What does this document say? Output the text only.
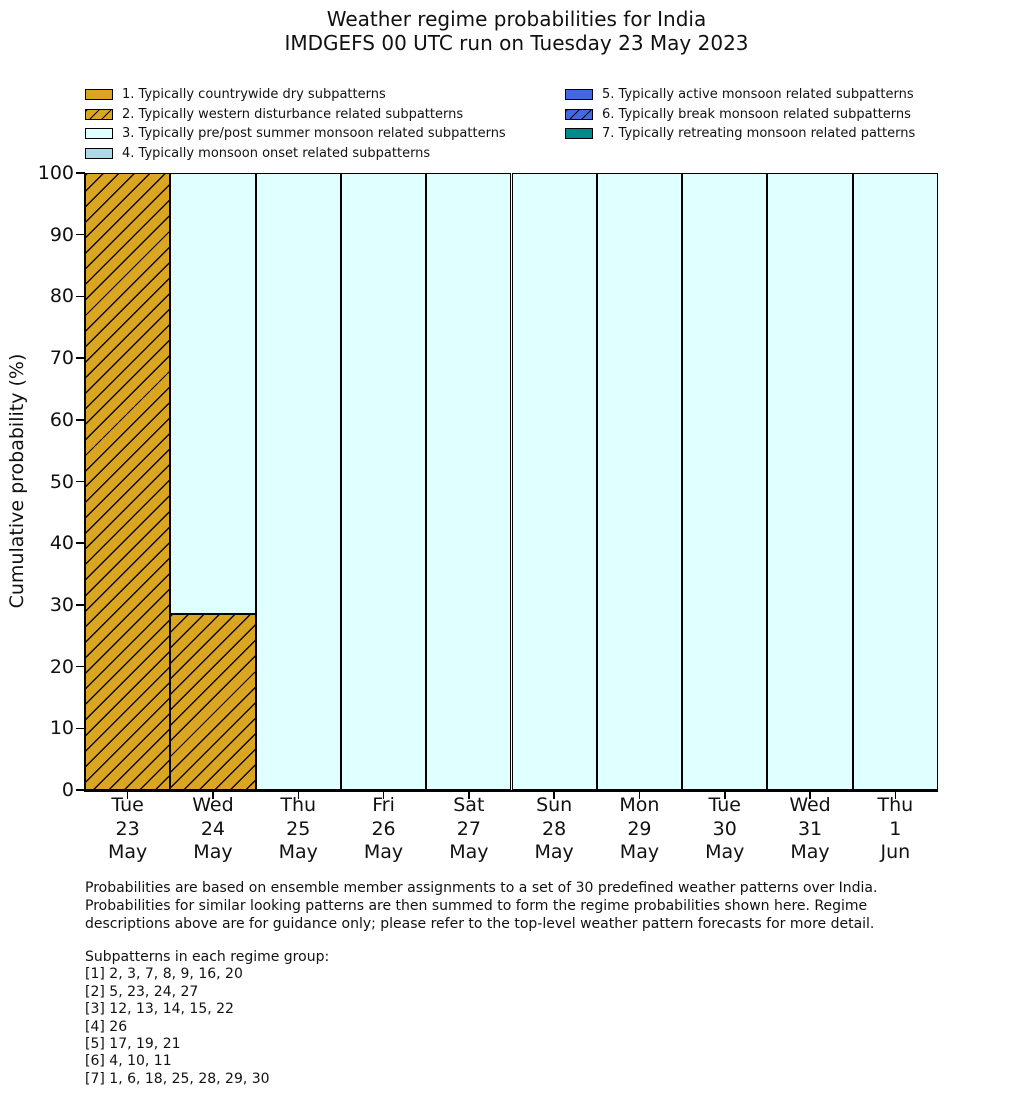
Weather regime probabilities for India
IMDGEFS 00 UTC run on Tuesday 23 May 2023
1. Typically countrywide dry subpatterns
2. Typically western disturbance related subpatterns
3. Typically pre/post summer monsoon related subpatterns
4. Typically monsoon onset related subpatterns
5. Typically active monsoon related subpatterns
6. Typically break monsoon related subpatterns
7. Typically retreating monsoon related patterns
Cumulative probability (%)
0
10
20
30
40
50
60
70
80
90
100
Tue
23
May
Wed
24
May
Thu
25
May
Fri
26
May
Sat
27
May
Sun
28
May
Mon
29
May
Tue
30
May
Wed
31
May
Thu
1
Jun
Probabilities are based on ensemble member assignments to a set of 30 predefined weather patterns over India.
Probabilities for similar looking patterns are then summed to form the regime probabilities shown here. Regime
descriptions above are for guidance only; please refer to the top-level weather pattern forecasts for more detail.
Subpatterns in each regime group:
[1] 2, 3, 7, 8, 9, 16, 20
[2] 5, 23, 24, 27
[3] 12, 13, 14, 15, 22
[4] 26
[5] 17, 19, 21
[6] 4, 10, 11
[7] 1, 6, 18, 25, 28, 29, 30
